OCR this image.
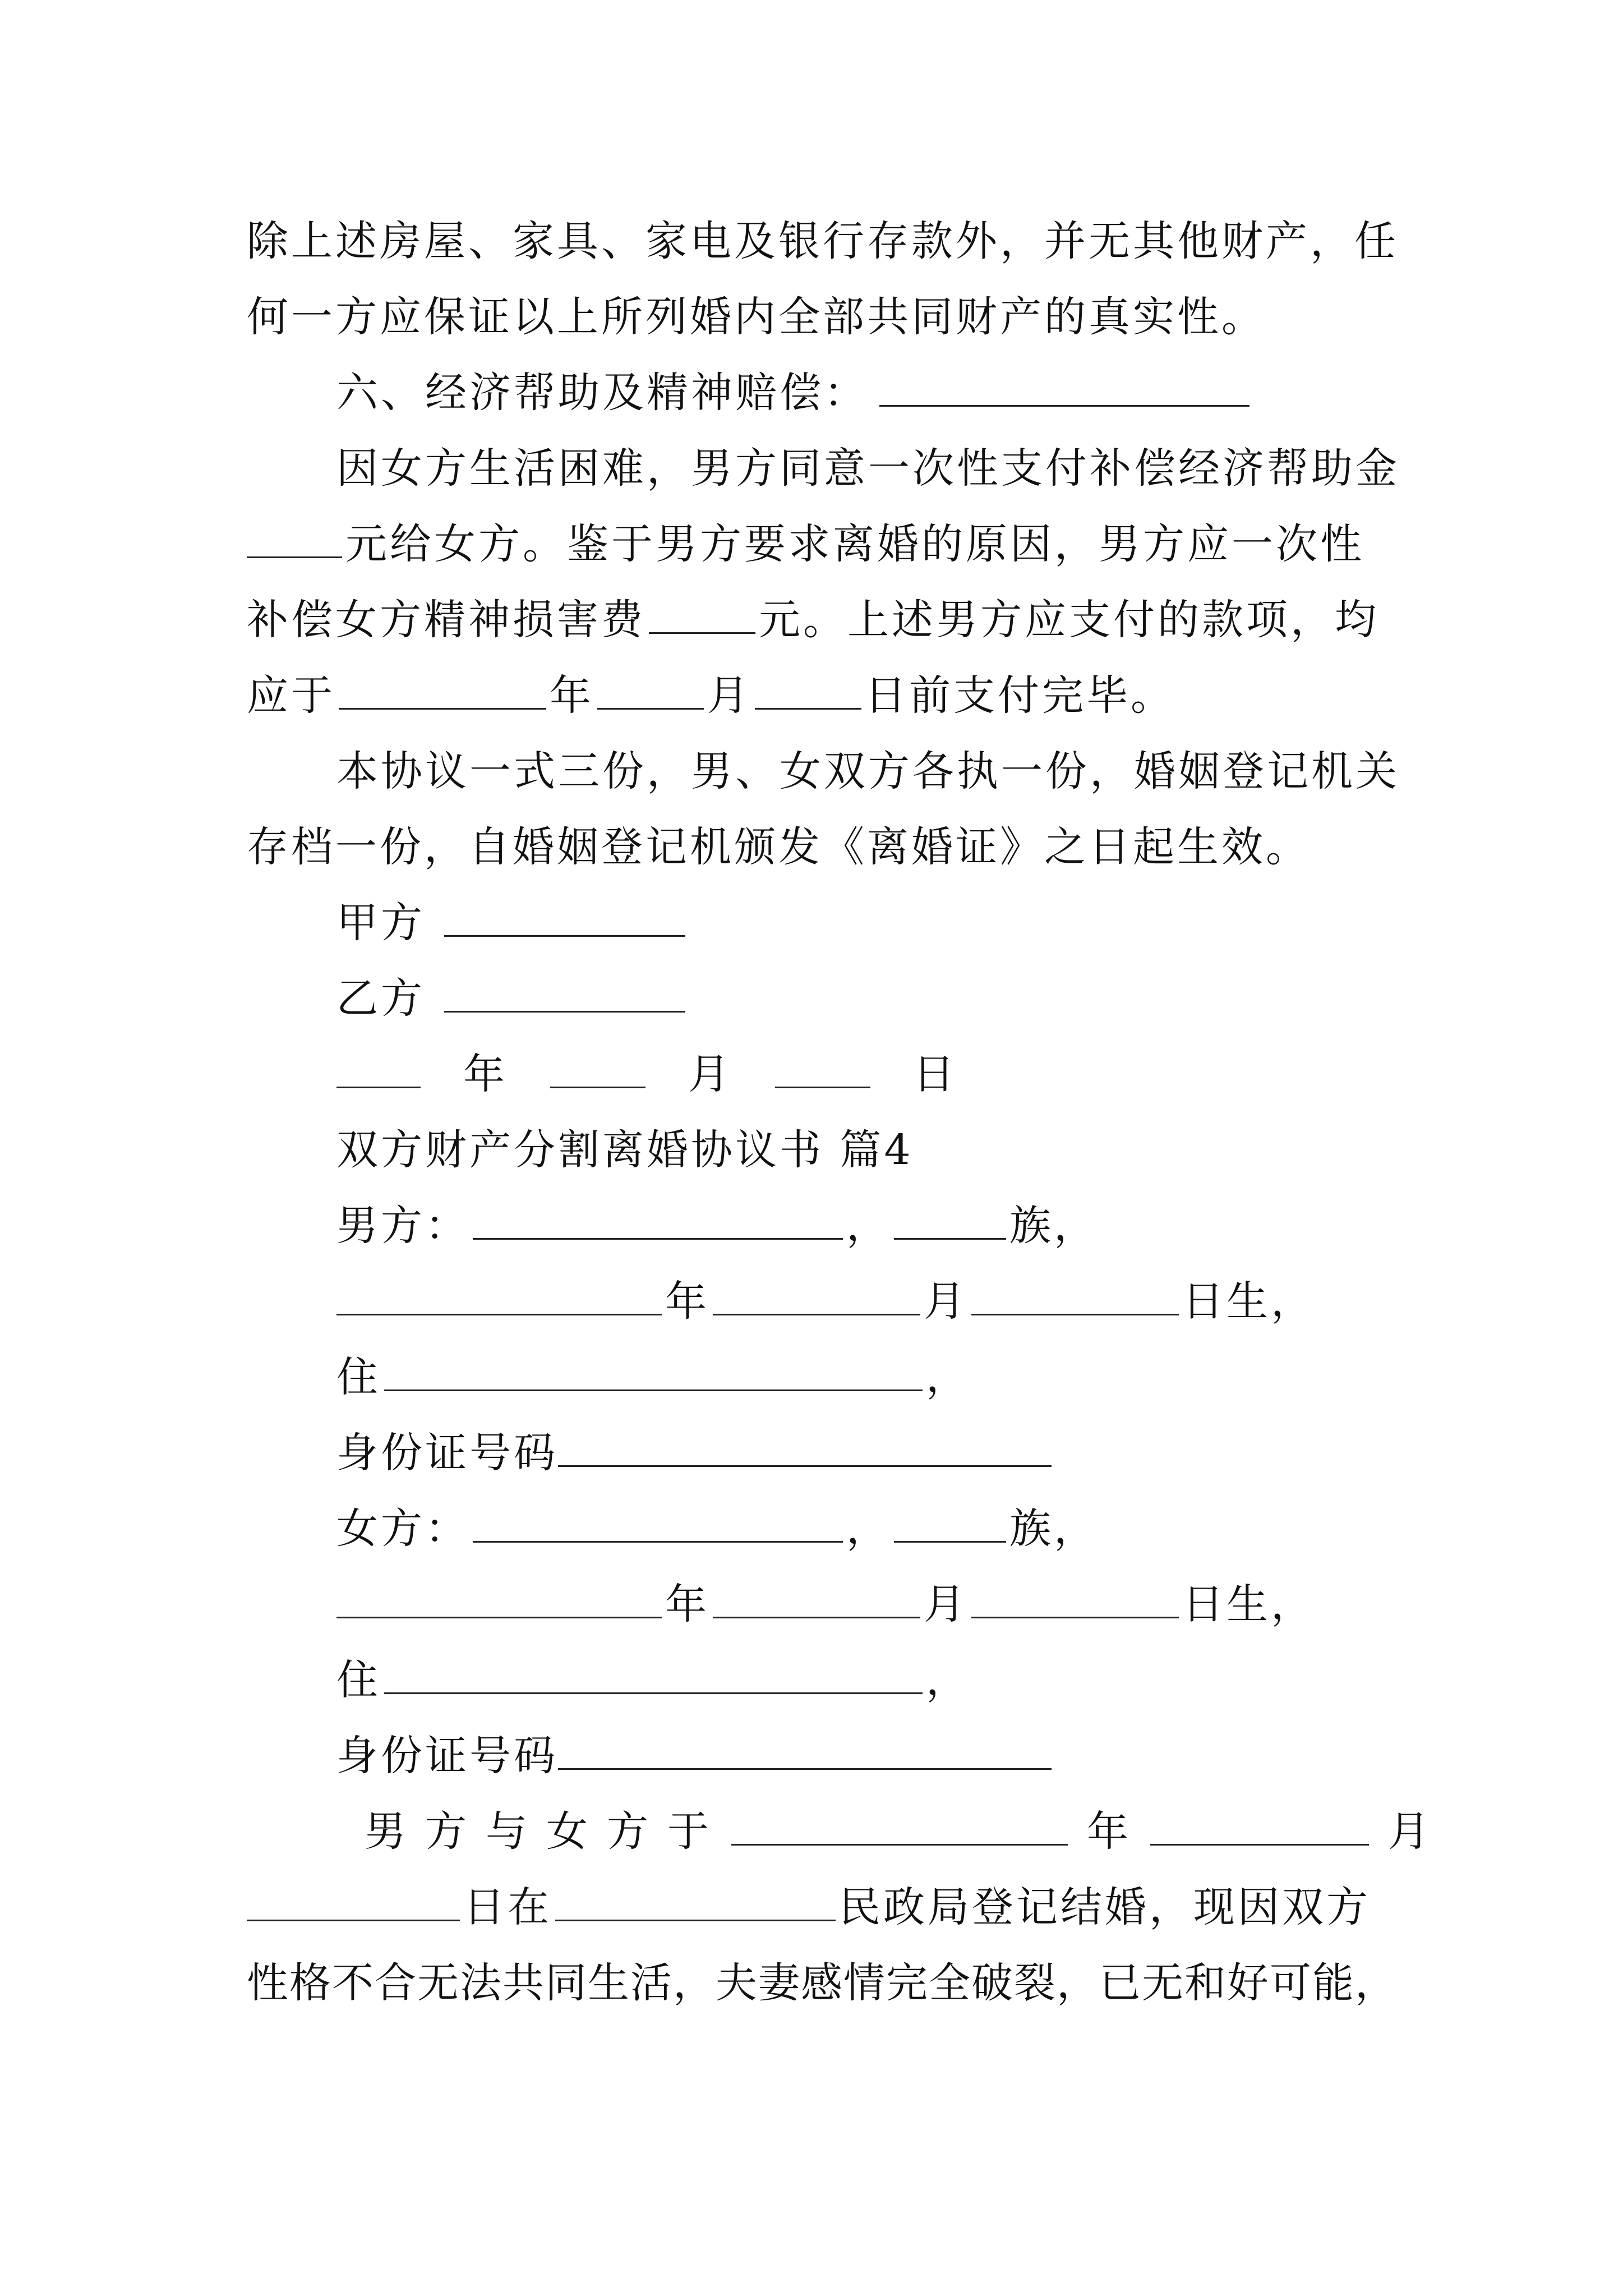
除上述房屋、家具、家电及银行存款外，并无其他财产，任
何一方应保证以上所列婚内全部共同财产的真实性。
六、经济帮助及精神赔偿：
因女方生活困难，男方同意一次性支付补偿经济帮助金
元给女方。鉴于男方要求离婚的原因，男方应一次性
补偿女方精神损害费	元。上述男方应支付的款项，均
应于	年	月	日前支付完毕。
本协议一式三份，男、女双方各执一份，婚姻登记机关
存档一份，自婚姻登记机颁发《离婚证》之日起生效。
甲方
乙方
年	月	日
双方财产分割离婚协议书 篇4
男方：	，	族，
年	月	日生，
住	，
身份证号码
女方：	，	族，
年	月	日生，
住	，
身份证号码
男方与女方于	年	月
日在	民政局登记结婚，现因双方
性格不合无法共同生活，夫妻感情完全破裂，已无和好可能，
